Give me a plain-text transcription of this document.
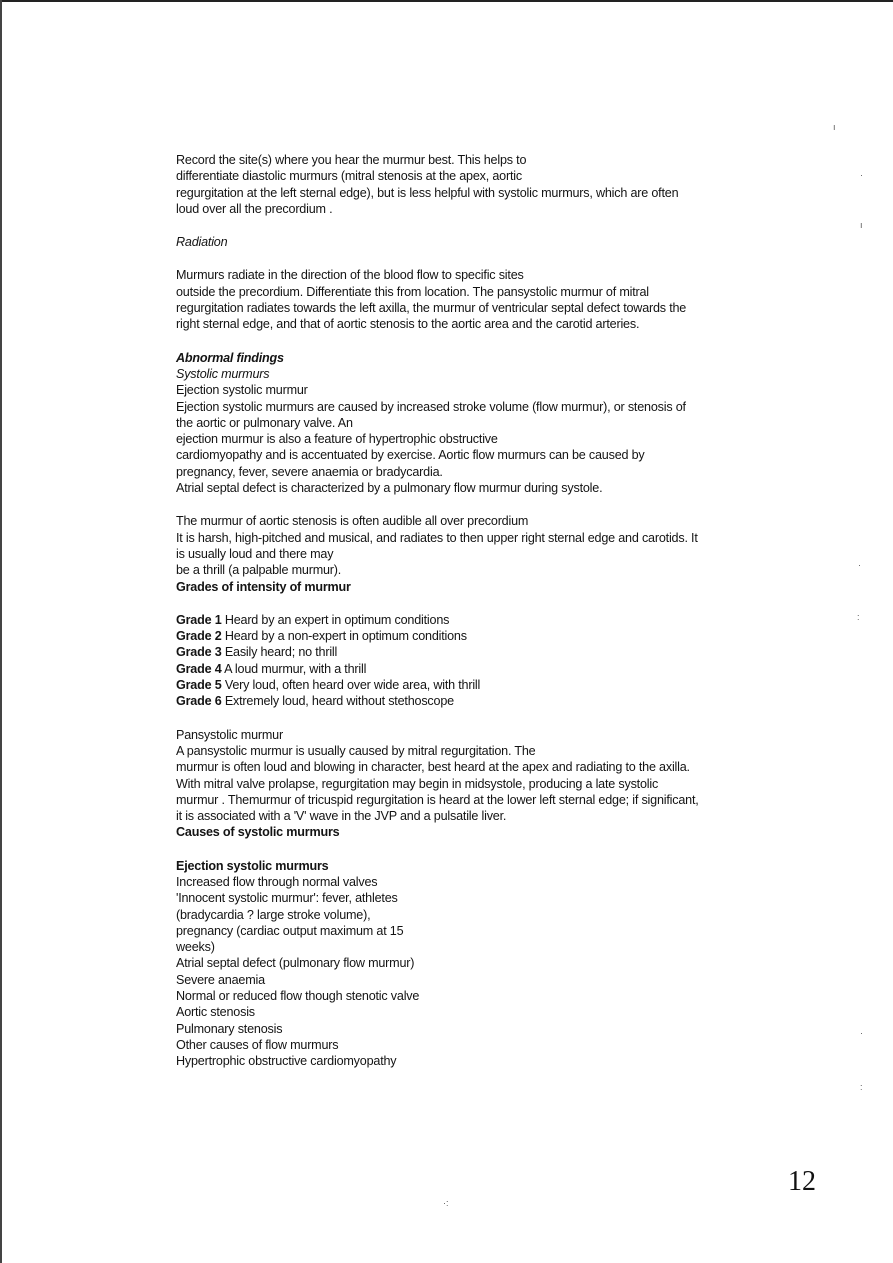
Record the site(s) where you hear the murmur best. This helps to
differentiate diastolic murmurs (mitral stenosis at the apex, aortic
regurgitation at the left sternal edge), but is less helpful with systolic murmurs, which are often
loud over all the precordium .
Radiation
Murmurs radiate in the direction of the blood flow to specific sites
outside the precordium. Differentiate this from location. The pansystolic murmur of mitral
regurgitation radiates towards the left axilla, the murmur of ventricular septal defect towards the
right sternal edge, and that of aortic stenosis to the aortic area and the carotid arteries.
Abnormal findings
Systolic murmurs
Ejection systolic murmur
Ejection systolic murmurs are caused by increased stroke volume (flow murmur), or stenosis of
the aortic or pulmonary valve. An
ejection murmur is also a feature of hypertrophic obstructive
cardiomyopathy and is accentuated by exercise. Aortic flow murmurs can be caused by
pregnancy, fever, severe anaemia or bradycardia.
Atrial septal defect is characterized by a pulmonary flow murmur during systole.
The murmur of aortic stenosis is often audible all over precordium
It is harsh, high-pitched and musical, and radiates to then upper right sternal edge and carotids. It
is usually loud and there may
be a thrill (a palpable murmur).
Grades of intensity of murmur
Grade 1 Heard by an expert in optimum conditions
Grade 2 Heard by a non-expert in optimum conditions
Grade 3 Easily heard; no thrill
Grade 4 A loud murmur, with a thrill
Grade 5 Very loud, often heard over wide area, with thrill
Grade 6 Extremely loud, heard without stethoscope
Pansystolic murmur
A pansystolic murmur is usually caused by mitral regurgitation. The
murmur is often loud and blowing in character, best heard at the apex and radiating to the axilla.
With mitral valve prolapse, regurgitation may begin in midsystole, producing a late systolic
murmur . Themurmur of tricuspid regurgitation is heard at the lower left sternal edge; if significant,
it is associated with a 'V' wave in the JVP and a pulsatile liver.
Causes of systolic murmurs
Ejection systolic murmurs
Increased flow through normal valves
'Innocent systolic murmur': fever, athletes
(bradycardia ? large stroke volume),
pregnancy (cardiac output maximum at 15
weeks)
Atrial septal defect (pulmonary flow murmur)
Severe anaemia
Normal or reduced flow though stenotic valve
Aortic stenosis
Pulmonary stenosis
Other causes of flow murmurs
Hypertrophic obstructive cardiomyopathy
12
ı
·
ı
·
:
·
:
·:
